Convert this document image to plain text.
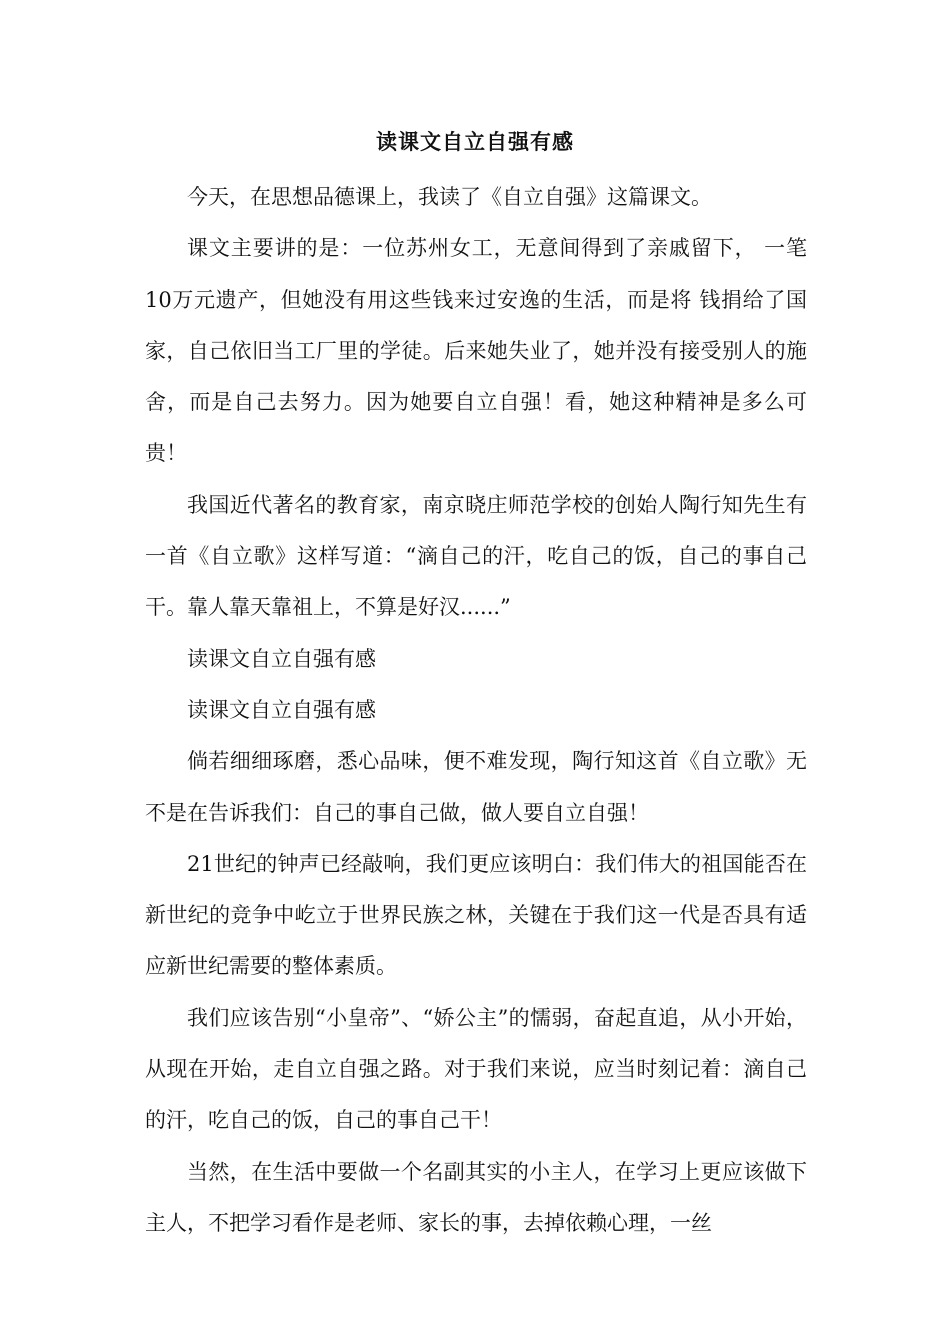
读课文自立自强有感

今天，在思想品德课上，我读了《自立自强》这篇课文。

课文主要讲的是：一位苏州女工，无意间得到了亲戚留下， 一笔10万元遗产，但她没有用这些钱来过安逸的生活，而是将 钱捐给了国家，自己依旧当工厂里的学徒。后来她失业了，她并没有接受别人的施舍，而是自己去努力。因为她要自立自强！看，她这种精神是多么可贵！

我国近代著名的教育家，南京晓庄师范学校的创始人陶行知先生有一首《自立歌》这样写道：“滴自己的汗，吃自己的饭，自己的事自己干。靠人靠天靠祖上，不算是好汉......”

读课文自立自强有感

读课文自立自强有感

倘若细细琢磨，悉心品味，便不难发现，陶行知这首《自立歌》无不是在告诉我们：自己的事自己做，做人要自立自强！

21世纪的钟声已经敲响，我们更应该明白：我们伟大的祖国能否在新世纪的竞争中屹立于世界民族之林，关键在于我们这一代是否具有适应新世纪需要的整体素质。

我们应该告别“小皇帝”、“娇公主”的懦弱，奋起直追，从小开始，从现在开始，走自立自强之路。对于我们来说，应当时刻记着：滴自己的汗，吃自己的饭，自己的事自己干！

当然，在生活中要做一个名副其实的小主人，在学习上更应该做下主人，不把学习看作是老师、家长的事，去掉依赖心理，一丝
